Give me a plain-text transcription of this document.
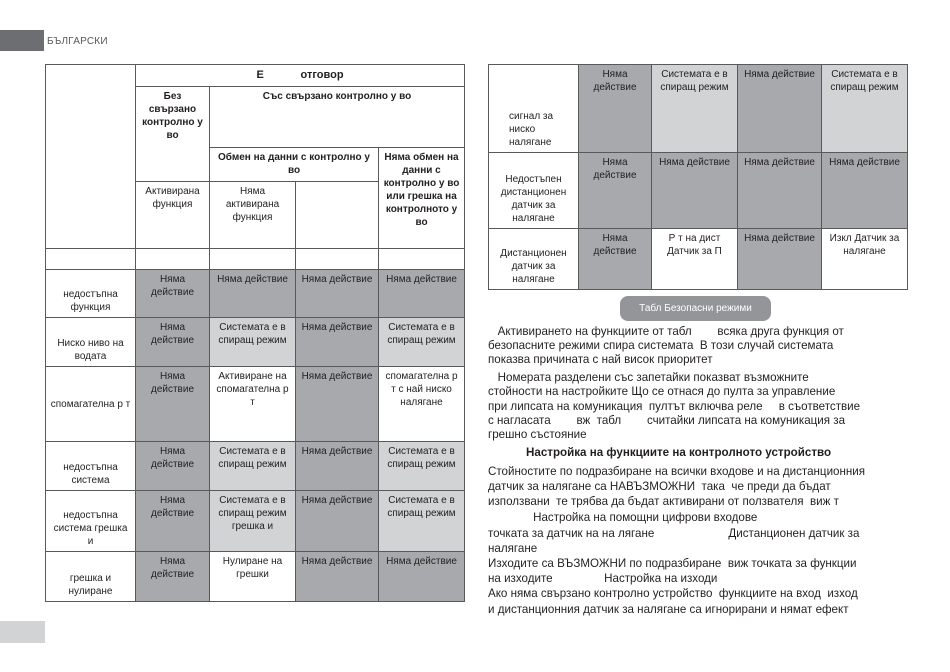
БЪЛГАРСКИ
	Е отговор			
	Без свързано контролно у во	Със свързано контролно у во		
		Обмен на данни с контролно у во		Няма обмен на данни с контролно у во или грешка на контролното у во
	Активирана функция	Няма активирана функция		

недостъпна функция	Няма действие	Няма действие	Няма действие	Няма действие
Ниско ниво на водата	Няма действие	Системата е в спиращ режим	Няма действие	Системата е в спиращ режим
спомагателна р т	Няма действие	Активиране на спомагателна р т	Няма действие	спомагателна р т с най ниско налягане
недостъпна система	Няма действие	Системата е в спиращ режим	Няма действие	Системата е в спиращ режим
недостъпна система грешка и	Няма действие	Системата е в спиращ режим грешка и	Няма действие	Системата е в спиращ режим
грешка и нулиране	Няма действие	Нулиране на грешки	Няма действие	Няма действие
сигнал за ниско налягане	Няма действие	Системата е в спиращ режим	Няма действие	Системата е в спиращ режим
Недостъпен дистанционен датчик за налягане	Няма действие	Няма действие	Няма действие	Няма действие
Дистанционен датчик за налягане	Няма действие	Р т на дист Датчик за П	Няма действие	Изкл Датчик за налягане
Табл Безопасни режими
Активирането на функциите от табл        всяка друга функция от
безопасните режими спира системата  В този случай системата
показва причината с най висок приоритет
Номерата разделени със запетайки показват възможните
стойности на настройките Що се отнася до пулта за управление
при липсата на комуникация  пултът включва реле     в съответствие
с нагласата        вж  табл        считайки липсата на комуникация за
грешно състояние
Настройка на функциите на контролното устройство
Стойностите по подразбиране на всички входове и на дистанционния
датчик за налягане са НАВЪЗМОЖНИ  така  че преди да бъдат
използвани  те трябва да бъдат активирани от ползвателя  виж т
Настройка на помощни цифрови входове
точката за датчик на на лягане                       Дистанционен датчик за
налягане
Изходите са ВЪЗМОЖНИ по подразбиране  виж точката за функции
на изходите                Настройка на изходи
Ако няма свързано контролно устройство  функциите на вход  изход
и дистанционния датчик за налягане са игнорирани и нямат ефект
